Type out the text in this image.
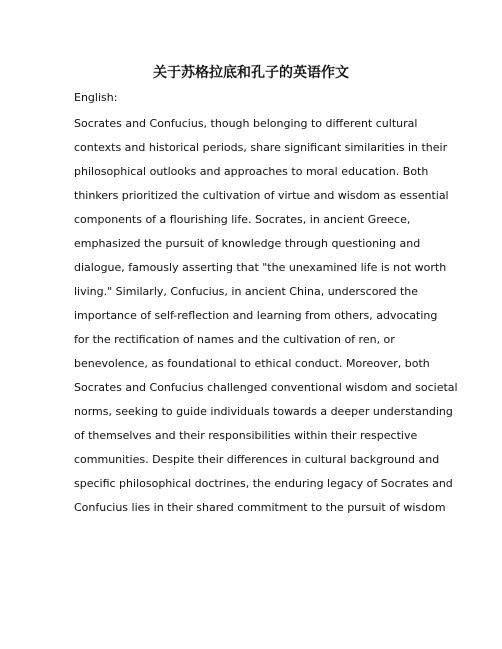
关于苏格拉底和孔子的英语作文
English:
Socrates and Confucius, though belonging to different cultural
contexts and historical periods, share significant similarities in their
philosophical outlooks and approaches to moral education. Both
thinkers prioritized the cultivation of virtue and wisdom as essential
components of a flourishing life. Socrates, in ancient Greece,
emphasized the pursuit of knowledge through questioning and
dialogue, famously asserting that "the unexamined life is not worth
living." Similarly, Confucius, in ancient China, underscored the
importance of self-reflection and learning from others, advocating
for the rectification of names and the cultivation of ren, or
benevolence, as foundational to ethical conduct. Moreover, both
Socrates and Confucius challenged conventional wisdom and societal
norms, seeking to guide individuals towards a deeper understanding
of themselves and their responsibilities within their respective
communities. Despite their differences in cultural background and
specific philosophical doctrines, the enduring legacy of Socrates and
Confucius lies in their shared commitment to the pursuit of wisdom
